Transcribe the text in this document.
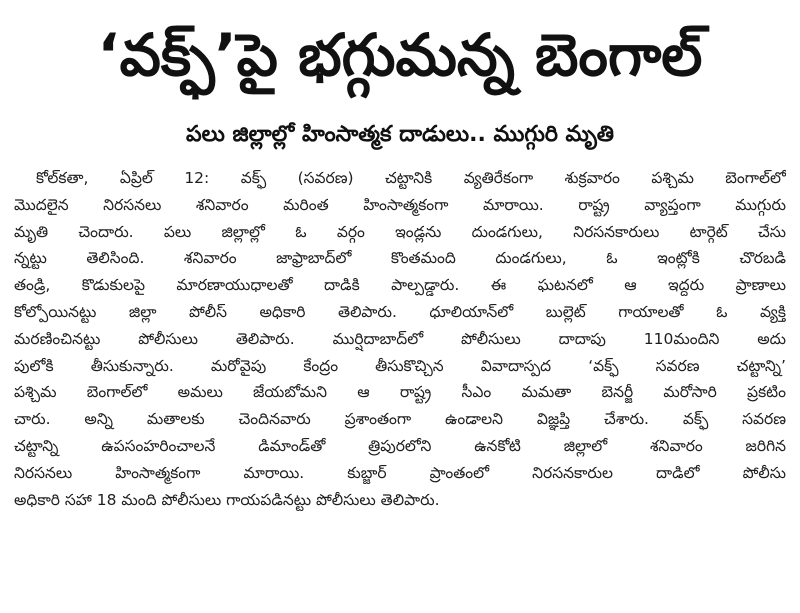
‘వక్ఫ్’పై భగ్గుమన్న బెంగాల్
పలు జిల్లాల్లో హింసాత్మక దాడులు.. ముగ్గురి మృతి
కోల్‌కతా, ఏప్రిల్ 12: వక్ఫ్ (సవరణ) చట్టానికి వ్యతిరేకంగా శుక్రవారం పశ్చిమ బెంగాల్‌లో
మొదలైన నిరసనలు శనివారం మరింత హింసాత్మకంగా మారాయి. రాష్ట్ర వ్యాప్తంగా ముగ్గురు
మృతి చెందారు. పలు జిల్లాల్లో ఓ వర్గం ఇండ్లను దుండగులు, నిరసనకారులు టార్గెట్ చేసు
న్నట్టు తెలిసింది. శనివారం జాఫ్రాబాద్‌లో కొంతమంది దుండగులు, ఓ ఇంట్లోకి చొరబడి
తండ్రి, కొడుకులపై మారణాయుధాలతో దాడికి పాల్పడ్డారు. ఈ ఘటనలో ఆ ఇద్దరు ప్రాణాలు
కోల్పోయినట్టు జిల్లా పోలీస్ అధికారి తెలిపారు. ధూలియాన్‌లో బుల్లెట్ గాయాలతో ఓ వ్యక్తి
మరణించినట్టు పోలీసులు తెలిపారు. ముర్షిదాబాద్‌లో పోలీసులు దాదాపు 110మందిని అదు
పులోకి తీసుకున్నారు. మరోవైపు కేంద్రం తీసుకొచ్చిన వివాదాస్పద ‘వక్ఫ్ సవరణ చట్టాన్ని’
పశ్చిమ బెంగాల్‌లో అమలు జేయబోమని ఆ రాష్ట్ర సీఎం మమతా బెనర్జీ మరోసారి ప్రకటిం
చారు. అన్ని మతాలకు చెందినవారు ప్రశాంతంగా ఉండాలని విజ్ఞప్తి చేశారు. వక్ఫ్ సవరణ
చట్టాన్ని ఉపసంహరించాలనే డిమాండ్‌తో త్రిపురలోని ఉనకోటి జిల్లాలో శనివారం జరిగిన
నిరసనలు హింసాత్మకంగా మారాయి. కుబ్జార్ ప్రాంతంలో నిరసనకారుల దాడిలో పోలీసు
అధికారి సహా 18 మంది పోలీసులు గాయపడినట్టు పోలీసులు తెలిపారు.
